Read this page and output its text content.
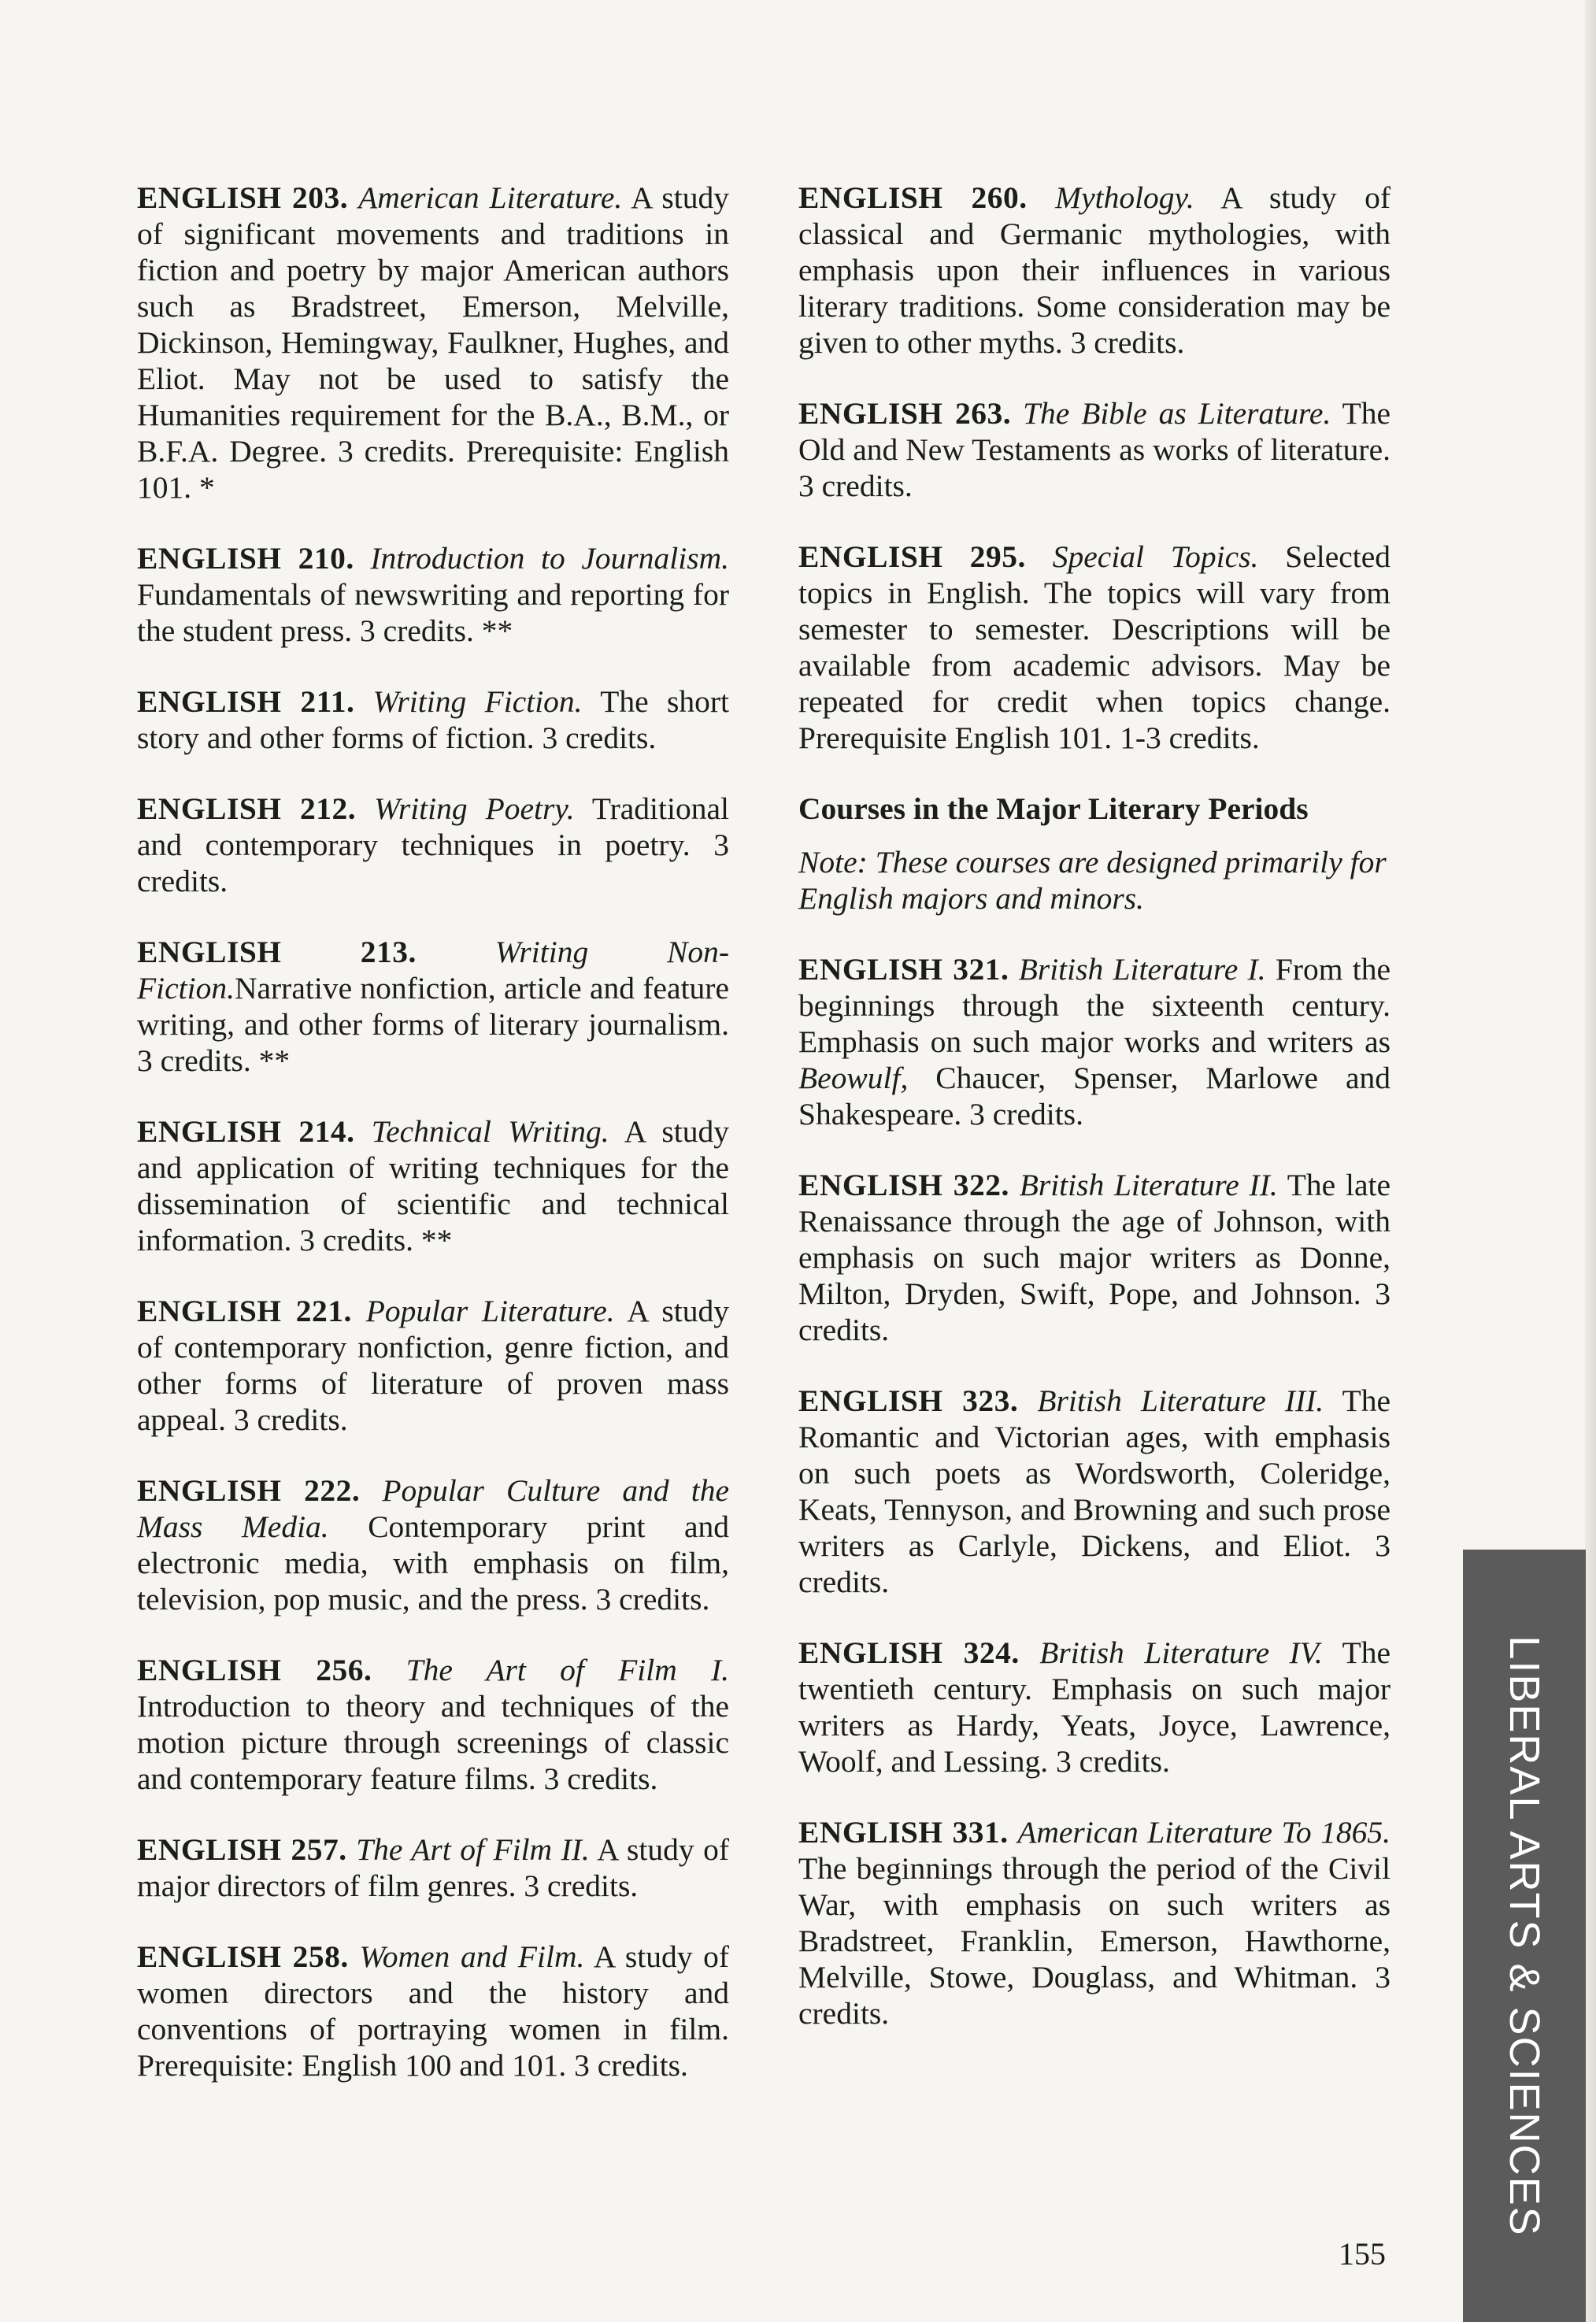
ENGLISH 203. American Literature. A study of significant movements and traditions in fiction and poetry by major American authors such as Bradstreet, Emerson, Melville, Dickinson, Hemingway, Faulkner, Hughes, and Eliot. May not be used to satisfy the Humanities requirement for the B.A., B.M., or B.F.A. Degree. 3 credits. Prerequisite: English 101. *

ENGLISH 210. Introduction to Journalism. Fundamentals of newswriting and reporting for the student press. 3 credits. **

ENGLISH 211. Writing Fiction. The short story and other forms of fiction. 3 credits.

ENGLISH 212. Writing Poetry. Traditional and contemporary techniques in poetry. 3 credits.

ENGLISH 213.	Writing Non-Fiction.Narrative nonfiction, article and feature writing, and other forms of literary journalism. 3 credits. **

ENGLISH 214. Technical Writing. A study and application of writing techniques for the dissemination of scientific and technical information. 3 credits. **

ENGLISH 221. Popular Literature. A study of contemporary nonfiction, genre fiction, and other forms of literature of proven mass appeal. 3 credits.

ENGLISH 222. Popular Culture and the Mass Media. Contemporary print and electronic media, with emphasis on film, television, pop music, and the press. 3 credits.

ENGLISH 256. The Art of Film I. Introduction to theory and techniques of the motion picture through screenings of classic and contemporary feature films. 3 credits.

ENGLISH 257. The Art of Film II. A study of major directors of film genres. 3 credits.

ENGLISH 258. Women and Film. A study of women directors and the history and conventions of portraying women in film. Prerequisite: English 100 and 101. 3 credits.

ENGLISH 260. Mythology. A study of classical and Germanic mythologies, with emphasis upon their influences in various literary traditions. Some consideration may be given to other myths. 3 credits.

ENGLISH 263. The Bible as Literature. The Old and New Testaments as works of literature. 3 credits.

ENGLISH 295. Special Topics. Selected topics in English. The topics will vary from semester to semester. Descriptions will be available from academic advisors. May be repeated for credit when topics change. Prerequisite English 101. 1-3 credits.

Courses in the Major Literary Periods
Note: These courses are designed primarily for English majors and minors.

ENGLISH 321. British Literature I. From the beginnings through the sixteenth century. Emphasis on such major works and writers as Beowulf, Chaucer, Spenser, Marlowe and Shakespeare. 3 credits.

ENGLISH 322. British Literature II. The late Renaissance through the age of Johnson, with emphasis on such major writers as Donne, Milton, Dryden, Swift, Pope, and Johnson. 3 credits.

ENGLISH 323. British Literature III. The Romantic and Victorian ages, with emphasis on such poets as Wordsworth, Coleridge, Keats, Tennyson, and Browning and such prose writers as Carlyle, Dickens, and Eliot. 3 credits.

ENGLISH 324. British Literature IV. The twentieth century. Emphasis on such major writers as Hardy, Yeats, Joyce, Lawrence, Woolf, and Lessing. 3 credits.

ENGLISH 331. American Literature To 1865. The beginnings through the period of the Civil War, with emphasis on such writers as Bradstreet, Franklin, Emerson, Hawthorne, Melville, Stowe, Douglass, and Whitman. 3 credits.	LIBERAL ARTS & SCIENCES
155
